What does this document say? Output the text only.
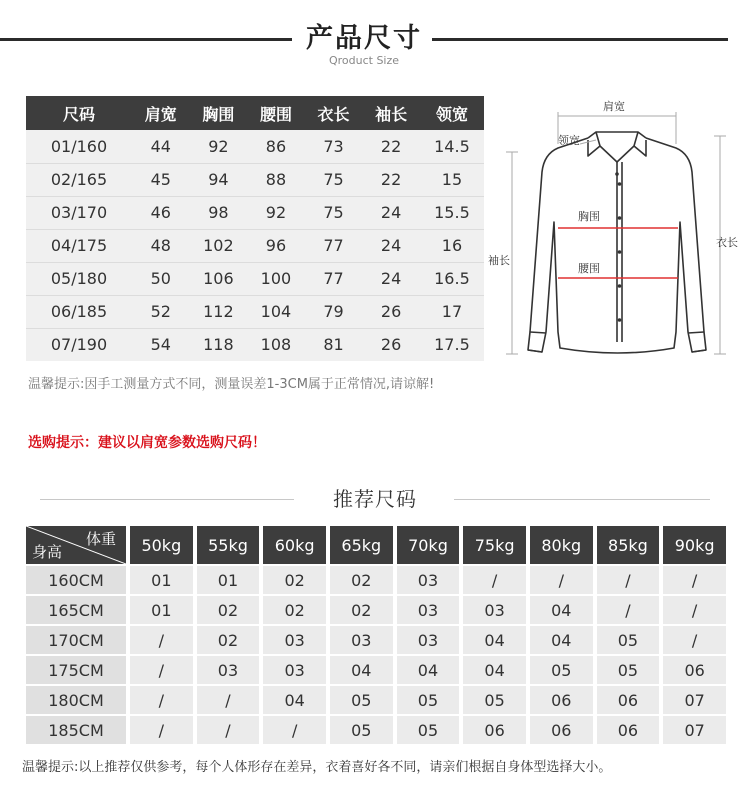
产品尺寸
Qroduct Size
尺码	肩宽	胸围	腰围	衣长	袖长	领宽
01/160	44	92	86	73	22	14.5
02/165	45	94	88	75	22	15
03/170	46	98	92	75	24	15.5
04/175	48	102	96	77	24	16
05/180	50	106	100	77	24	16.5
06/185	52	112	104	79	26	17
07/190	54	118	108	81	26	17.5
肩宽
领宽
胸围
腰围
衣长
袖长
温馨提示:因手工测量方式不同，测量误差1-3CM属于正常情况,请谅解!
选购提示：建议以肩宽参数选购尺码！
推荐尺码
体重
身高	50kg	55kg	60kg	65kg	70kg	75kg	80kg	85kg	90kg
160CM	01	01	02	02	03	/	/	/	/
165CM	01	02	02	02	03	03	04	/	/
170CM	/	02	03	03	03	04	04	05	/
175CM	/	03	03	04	04	04	05	05	06
180CM	/	/	04	05	05	05	06	06	07
185CM	/	/	/	05	05	06	06	06	07
温馨提示:以上推荐仅供参考，每个人体形存在差异，衣着喜好各不同，请亲们根据自身体型选择大小。
